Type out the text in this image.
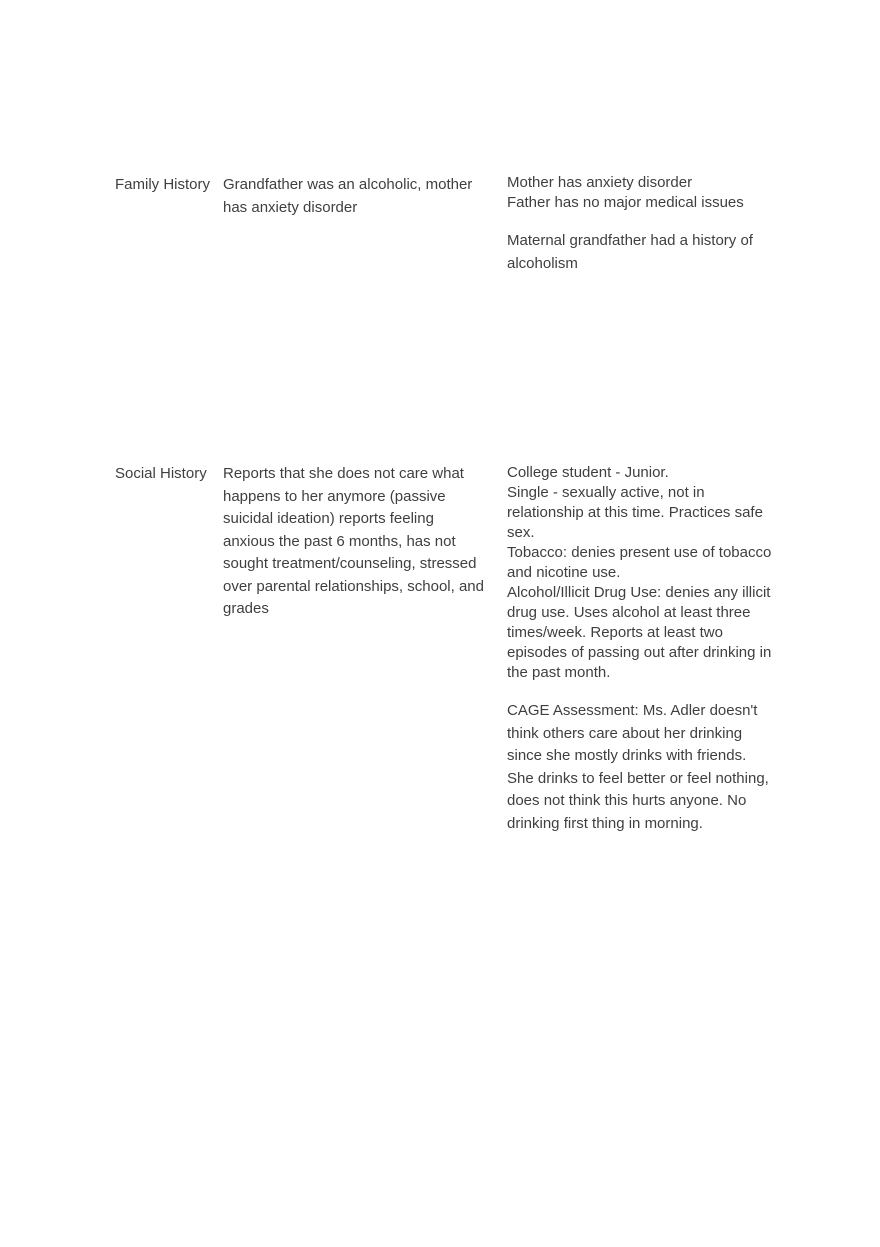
Family History Grandfather was an alcoholic, mother has anxiety disorder
Mother has anxiety disorder
Father has no major medical issues
Maternal grandfather had a history of alcoholism
Social History Reports that she does not care what happens to her anymore (passive suicidal ideation) reports feeling anxious the past 6 months, has not sought treatment/counseling, stressed over parental relationships, school, and grades
College student - Junior.
Single - sexually active, not in relationship at this time. Practices safe sex.
Tobacco: denies present use of tobacco and nicotine use.
Alcohol/Illicit Drug Use: denies any illicit drug use. Uses alcohol at least three times/week. Reports at least two episodes of passing out after drinking in the past month.
CAGE Assessment: Ms. Adler doesn't think others care about her drinking since she mostly drinks with friends. She drinks to feel better or feel nothing, does not think this hurts anyone. No drinking first thing in morning.
